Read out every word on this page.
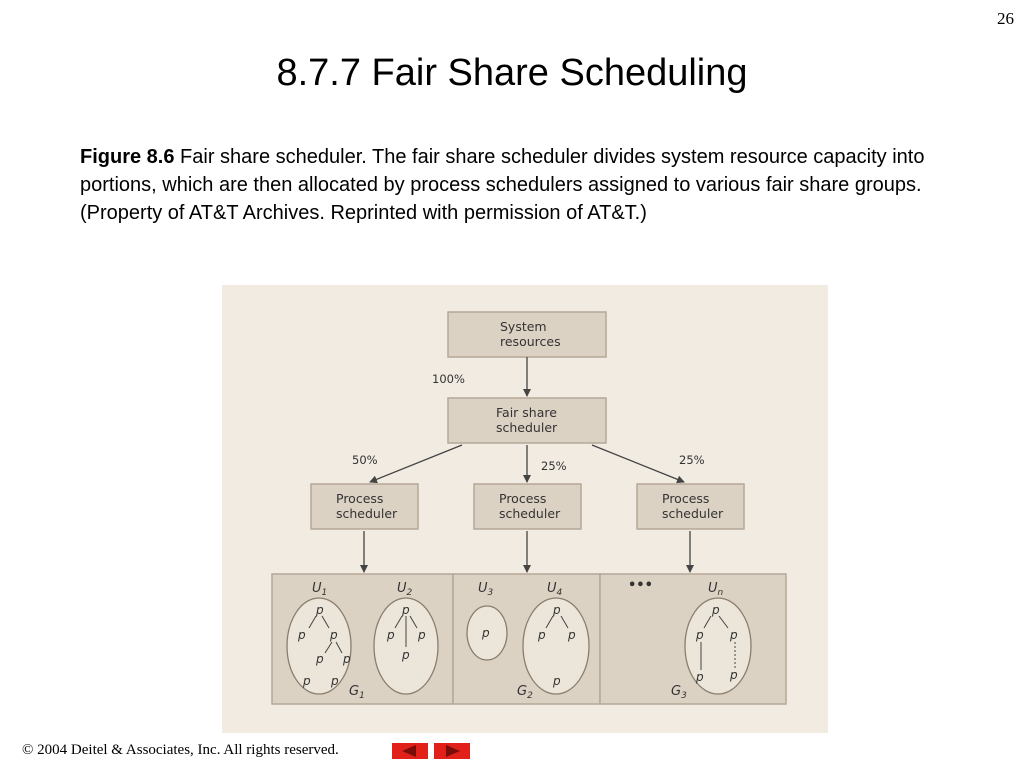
26
8.7.7 Fair Share Scheduling
Figure 8.6 Fair share scheduler. The fair share scheduler divides system resource capacity into portions, which are then allocated by process schedulers assigned to various fair share groups. (Property of AT&T Archives. Reprinted with permission of AT&T.)
System
resources
100%
Fair share
scheduler
50%	25%	25%
Process
scheduler
Process
scheduler
Process
scheduler
$U_1$	$U_2$	$U_3$	$U_4$	$U_n$
•••
p
p p
p p
p p
p
p p
p
p
p
p p
p
p
p p
p p
$G_1$	$G_2$	$G_3$
© 2004 Deitel & Associates, Inc. All rights reserved.
